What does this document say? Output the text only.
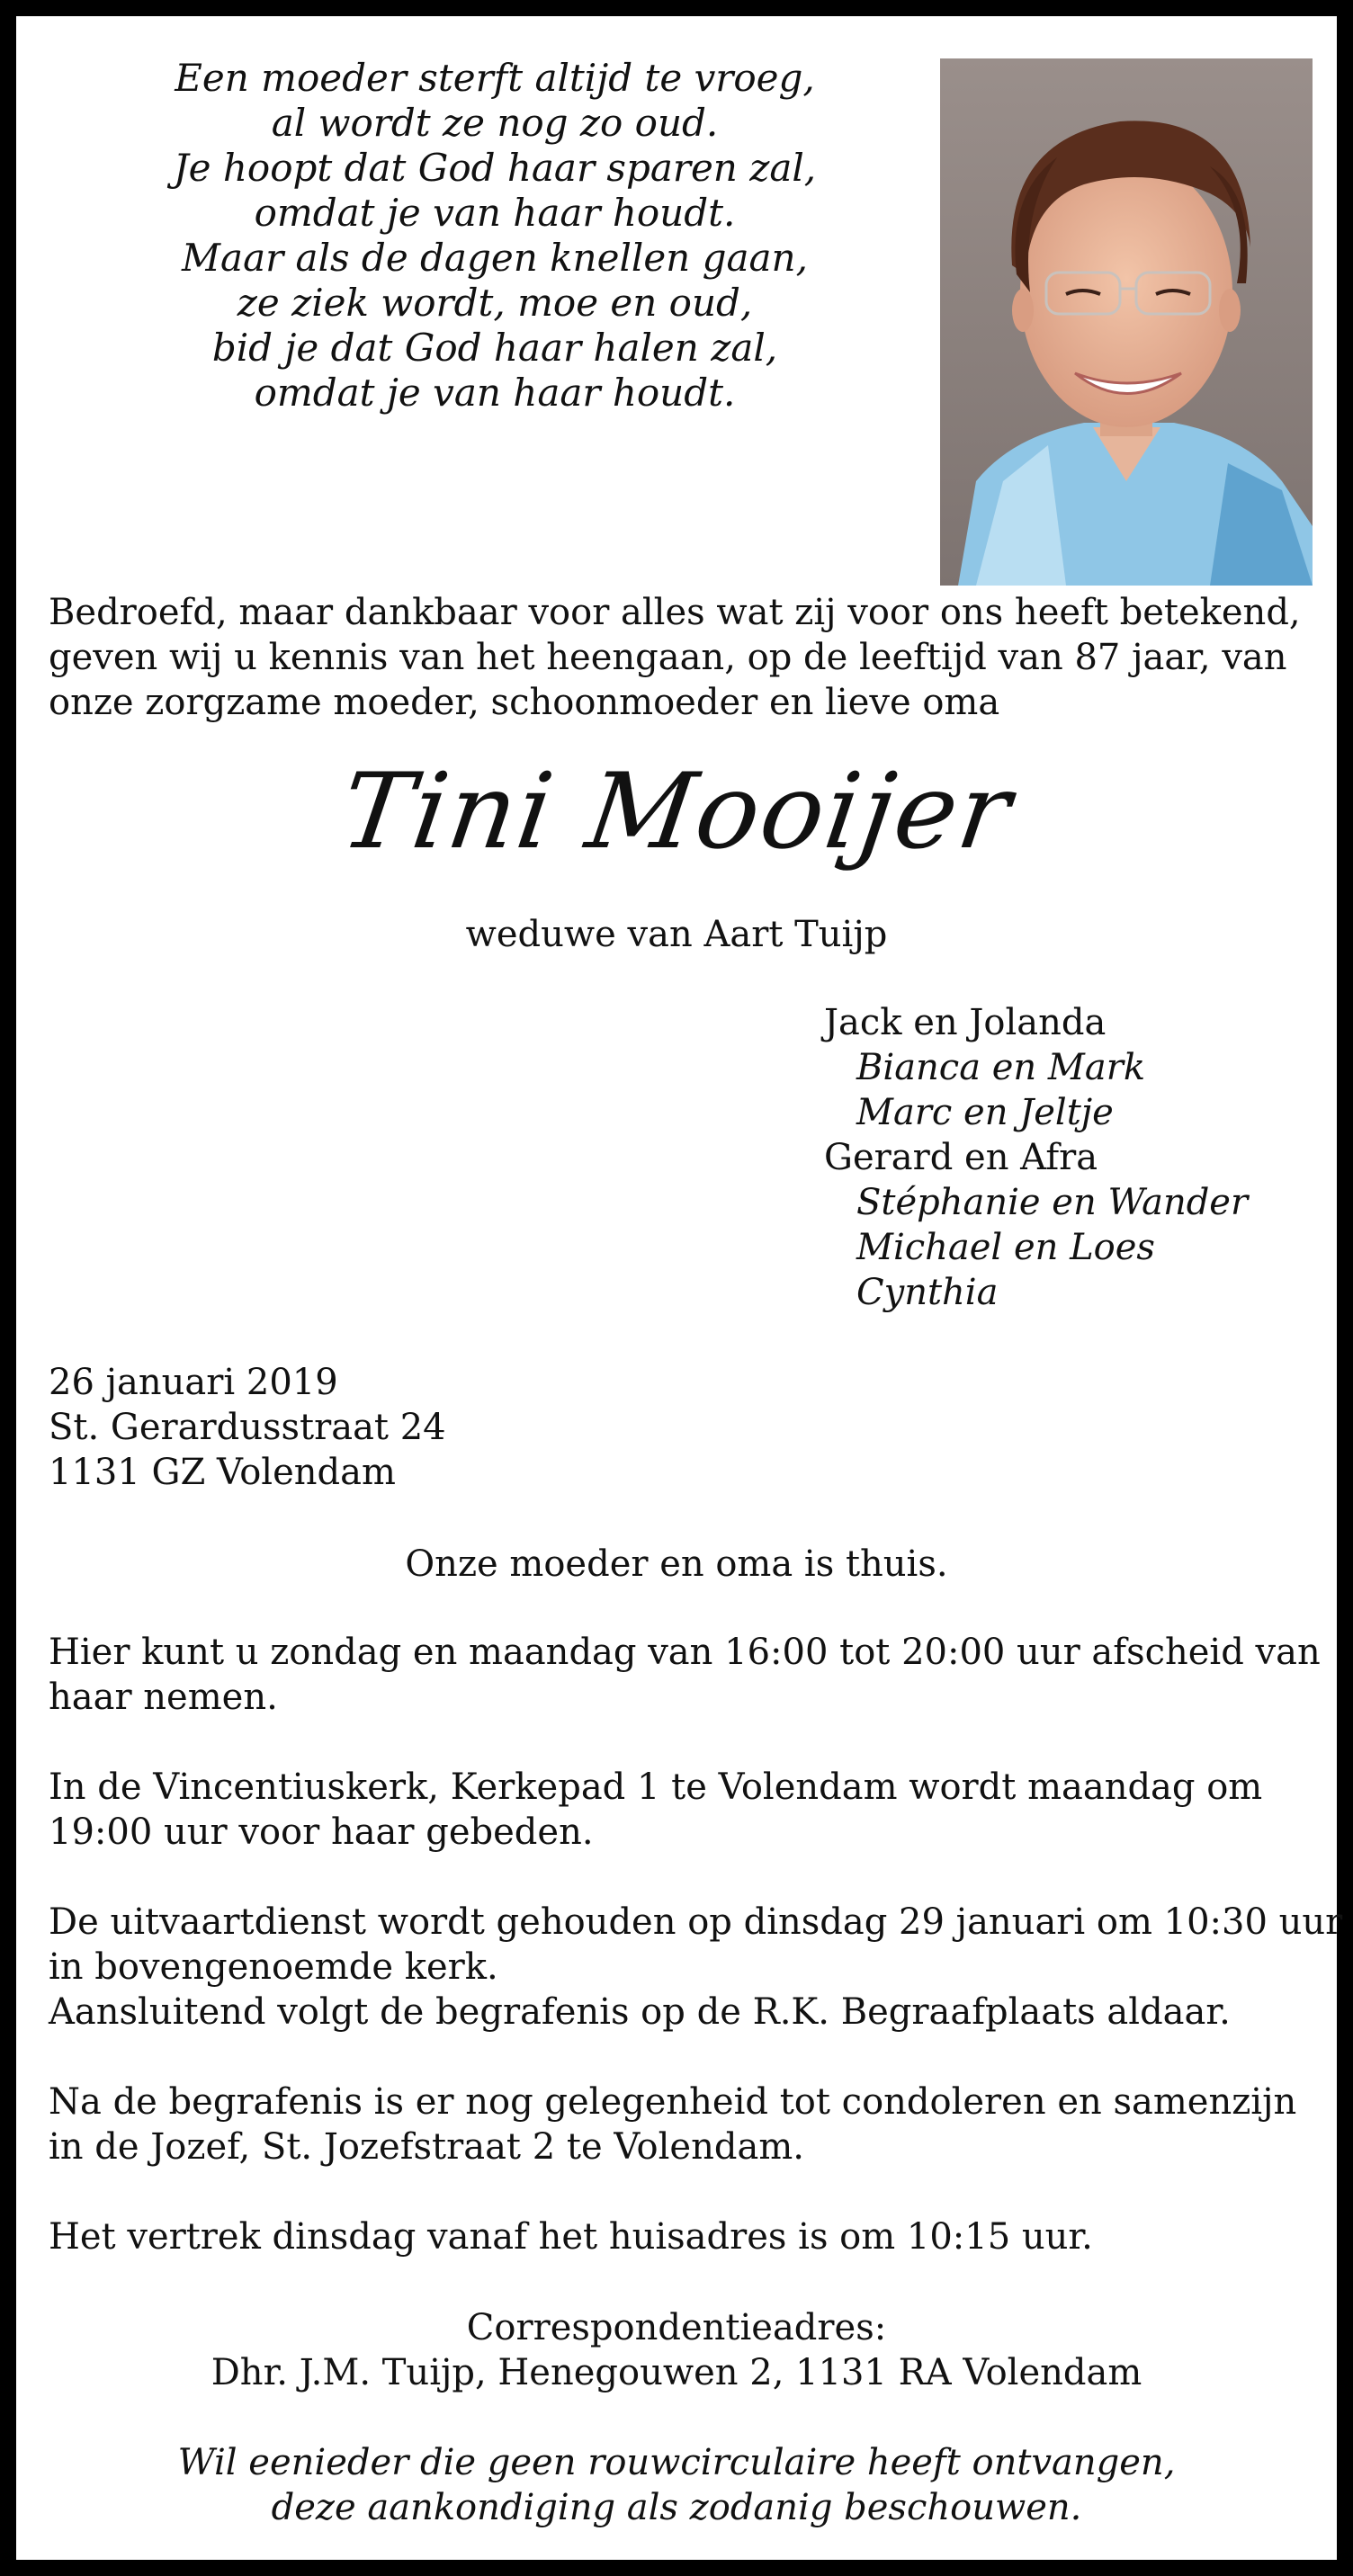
Een moeder sterft altijd te vroeg,
al wordt ze nog zo oud.
Je hoopt dat God haar sparen zal,
omdat je van haar houdt.
Maar als de dagen knellen gaan,
ze ziek wordt, moe en oud,
bid je dat God haar halen zal,
omdat je van haar houdt.
Bedroefd, maar dankbaar voor alles wat zij voor ons heeft betekend,
geven wij u kennis van het heengaan, op de leeftijd van 87 jaar, van
onze zorgzame moeder, schoonmoeder en lieve oma
Tini Mooijer
weduwe van Aart Tuijp
Jack en Jolanda
Bianca en Mark
Marc en Jeltje
Gerard en Afra
Stéphanie en Wander
Michael en Loes
Cynthia
26 januari 2019
St. Gerardusstraat 24
1131 GZ Volendam
Onze moeder en oma is thuis.
Hier kunt u zondag en maandag van 16:00 tot 20:00 uur afscheid van
haar nemen.
In de Vincentiuskerk, Kerkepad 1 te Volendam wordt maandag om
19:00 uur voor haar gebeden.
De uitvaartdienst wordt gehouden op dinsdag 29 januari om 10:30 uur
in bovengenoemde kerk.
Aansluitend volgt de begrafenis op de R.K. Begraafplaats aldaar.
Na de begrafenis is er nog gelegenheid tot condoleren en samenzijn
in de Jozef, St. Jozefstraat 2 te Volendam.
Het vertrek dinsdag vanaf het huisadres is om 10:15 uur.
Correspondentieadres:
Dhr. J.M. Tuijp, Henegouwen 2, 1131 RA Volendam
Wil eenieder die geen rouwcirculaire heeft ontvangen,
deze aankondiging als zodanig beschouwen.
